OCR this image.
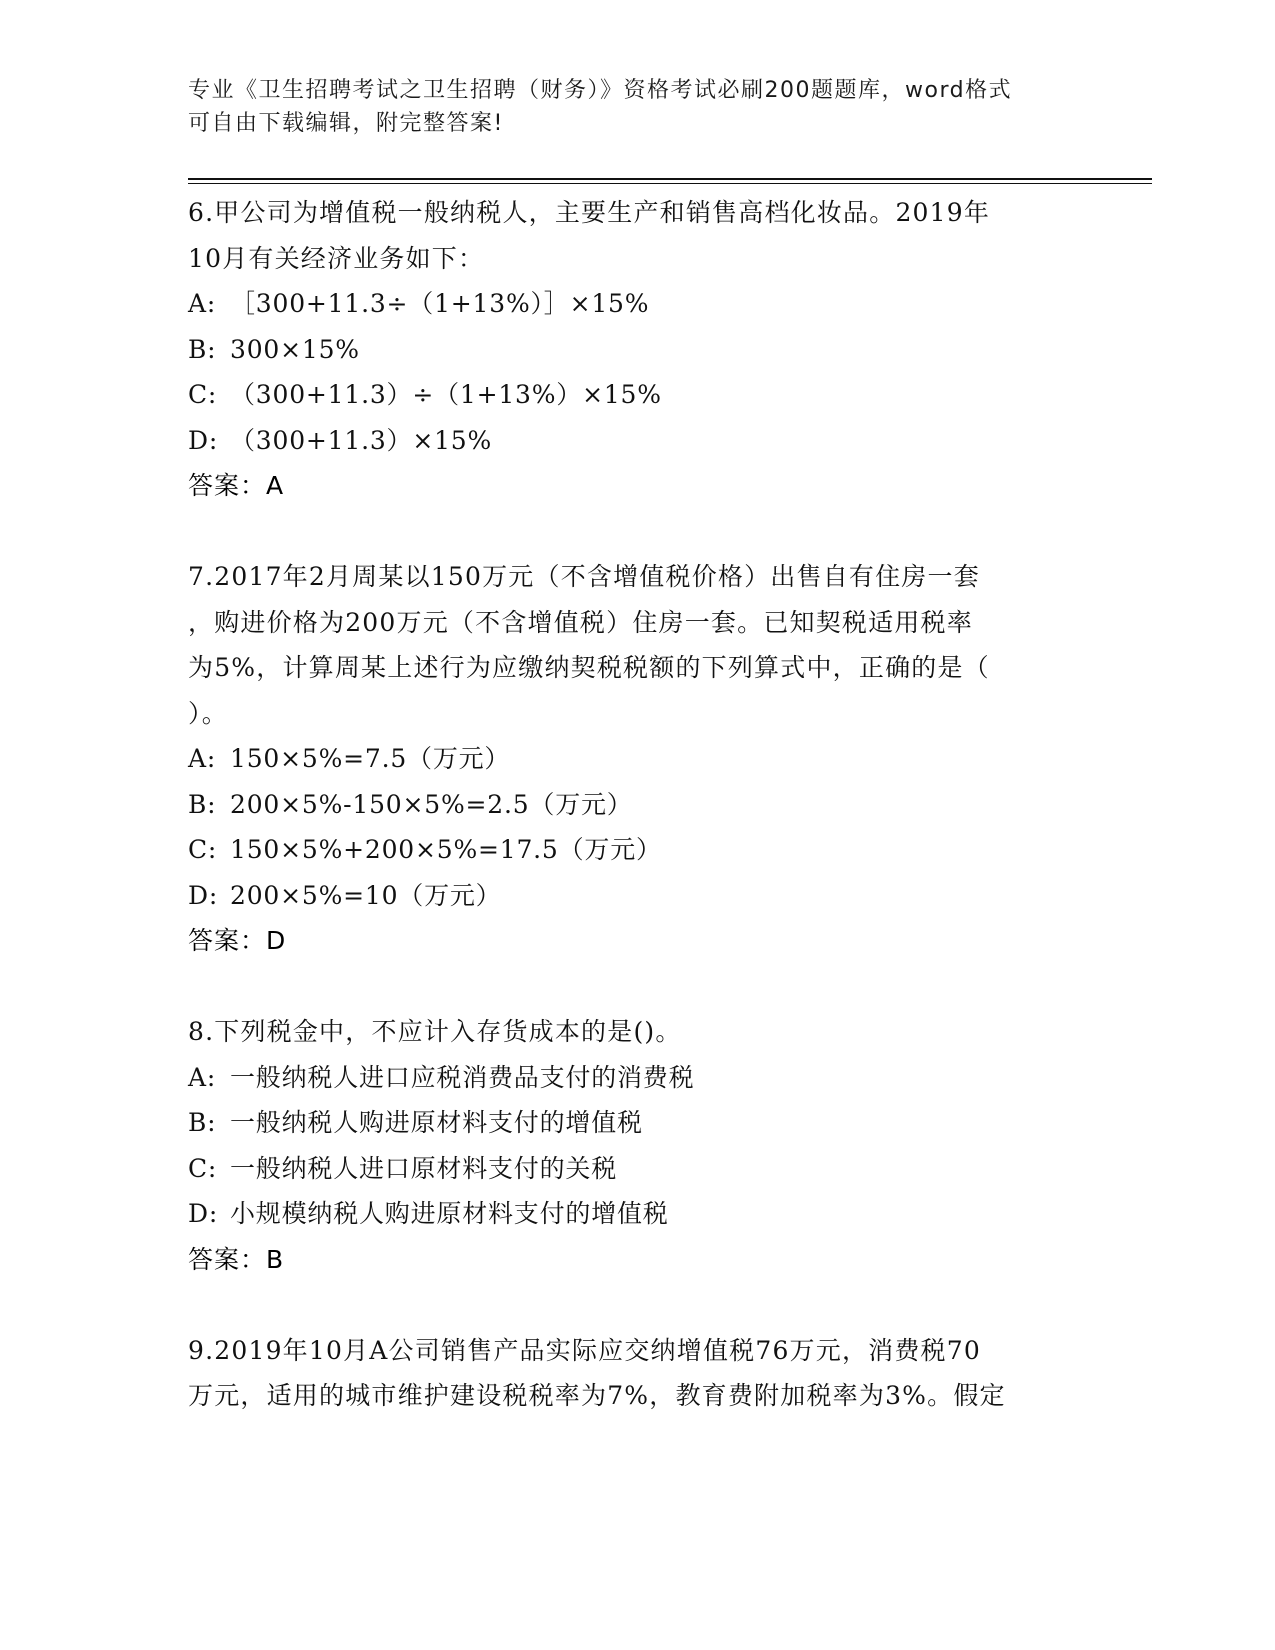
专业《卫生招聘考试之卫生招聘（财务）》资格考试必刷200题题库，word格式
可自由下载编辑，附完整答案!
6.甲公司为增值税一般纳税人，主要生产和销售高档化妆品。2019年
10月有关经济业务如下：
A: ［300+11.3÷（1+13%）］×15%
B: 300×15%
C: （300+11.3）÷（1+13%）×15%
D: （300+11.3）×15%
答案：A
7.2017年2月周某以150万元（不含增值税价格）出售自有住房一套
，购进价格为200万元（不含增值税）住房一套。已知契税适用税率
为5%，计算周某上述行为应缴纳契税税额的下列算式中，正确的是（
）。
A: 150×5%=7.5（万元）
B: 200×5%-150×5%=2.5（万元）
C: 150×5%+200×5%=17.5（万元）
D: 200×5%=10（万元）
答案：D
8.下列税金中，不应计入存货成本的是()。
A: 一般纳税人进口应税消费品支付的消费税
B: 一般纳税人购进原材料支付的增值税
C: 一般纳税人进口原材料支付的关税
D: 小规模纳税人购进原材料支付的增值税
答案：B
9.2019年10月A公司销售产品实际应交纳增值税76万元，消费税70
万元，适用的城市维护建设税税率为7%，教育费附加税率为3%。假定
